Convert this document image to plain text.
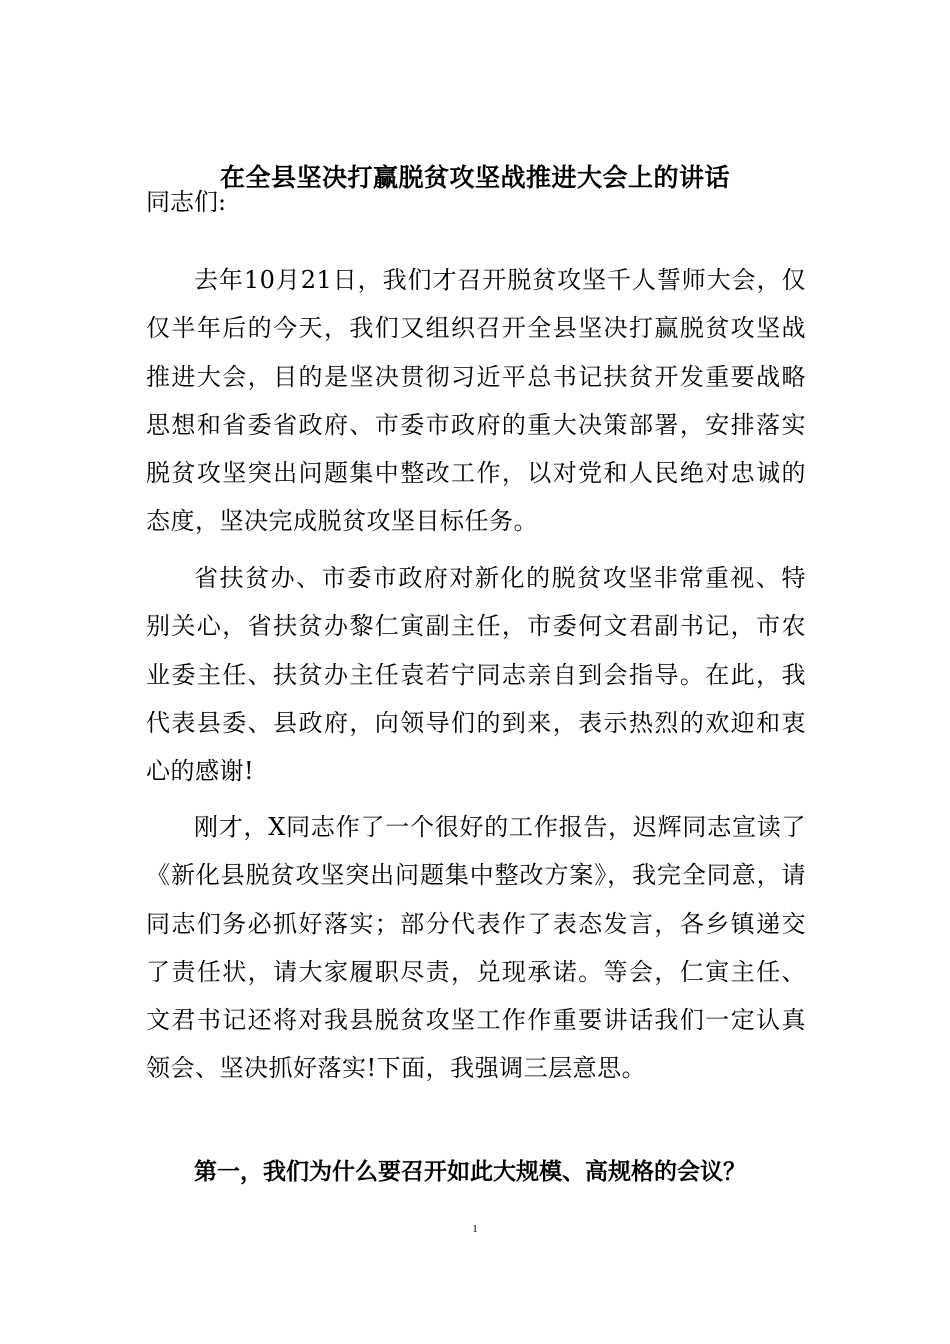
在全县坚决打赢脱贫攻坚战推进大会上的讲话
同志们:

去年10月21日，我们才召开脱贫攻坚千人誓师大会，仅仅半年后的今天，我们又组织召开全县坚决打赢脱贫攻坚战推进大会，目的是坚决贯彻习近平总书记扶贫开发重要战略思想和省委省政府、市委市政府的重大决策部署，安排落实脱贫攻坚突出问题集中整改工作，以对党和人民绝对忠诚的态度，坚决完成脱贫攻坚目标任务。

省扶贫办、市委市政府对新化的脱贫攻坚非常重视、特别关心，省扶贫办黎仁寅副主任，市委何文君副书记，市农业委主任、扶贫办主任袁若宁同志亲自到会指导。在此，我代表县委、县政府，向领导们的到来，表示热烈的欢迎和衷心的感谢!

刚才，X同志作了一个很好的工作报告，迟辉同志宣读了《新化县脱贫攻坚突出问题集中整改方案》，我完全同意，请同志们务必抓好落实；部分代表作了表态发言，各乡镇递交了责任状，请大家履职尽责，兑现承诺。等会，仁寅主任、文君书记还将对我县脱贫攻坚工作作重要讲话我们一定认真领会、坚决抓好落实!下面，我强调三层意思。

第一，我们为什么要召开如此大规模、高规格的会议？
1
